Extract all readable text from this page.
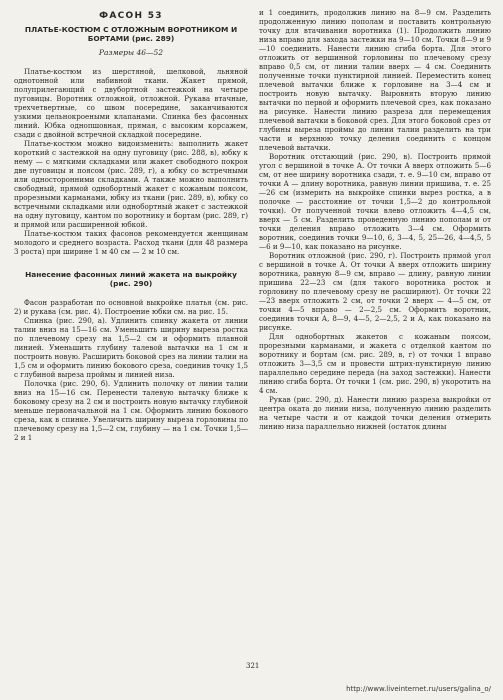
ФАСОН 53
ПЛАТЬЕ-КОСТЮМ С ОТЛОЖНЫМ ВОРОТНИКОМ И БОРТАМИ (рис. 289)
Размеры 46—52

Платье-костюм из шерстяной, шелковой, льняной однотонной или набивной ткани. Жакет прямой, полуприлегающий с двубортной застежкой на четыре пуговицы. Воротник отложной, отложной. Рукава втачные, трехчетвертные, со швом посередине, заканчиваются узкими цельнокроеными клапанами. Спинка без фасонных линий. Юбка однопшовная, прямая, с высоким корсажем, сзади с двойной встречной складкой посередине.

Платье-костюм можно видоизменить: выполнить жакет короткий с застежкой на одну пуговицу (рис. 288, в), юбку к нему — с мягкими складками или жакет свободного покроя две пуговицы и поясом (рис. 289, г), а юбку со встречными или односторонними складками. А также можно выполнить свободный, прямой однобортный жакет с кожаным поясом, прорезными карманами, юбку из ткани (рис. 289, в), юбку со встречными складками или однобортный жакет с застежкой на одну пуговицу, кантом по воротнику и бортам (рис. 289, г) и прямой или расширенной юбкой.

Платье-костюм таких фасонов рекомендуется женщинам молодого и среднего возраста. Расход ткани (для 48 размера 3 роста) при ширине 1 м 40 см — 2 м 10 см.

Нанесение фасонных линий жакета на выкройку (рис. 290)

Фасон разработан по основной выкройке платья (см. рис. 2) и рукава (см. рис. 4). Построение юбки см. на рис. 15.

Спинка (рис. 290, а). Удлинить спинку жакета от линии талии вниз на 15—16 см. Уменьшить ширину выреза ростка по плечевому срезу на 1,5—2 см и оформить плавной линией. Уменьшить глубину талевой вытачки на 1 см и построить новую. Расширить боковой срез на линии талии на 1,5 см и оформить линию бокового среза, соединив точку 1,5 с глубиной выреза проймы и линией низа.

Полочка (рис. 290, б). Удлинить полочку от линии талии вниз на 15—16 см. Перенести талевую вытачку ближе к боковому срезу на 2 см и построить новую вытачку глубиной меньше первоначальной на 1 см. Оформить линию бокового среза, как в спинке. Увеличить ширину выреза горловины по плечевому срезу на 1,5—2 см, глубину — на 1 см. Точки 1,5—2 и 1

и 1 соединить, продолжив линию на 8—9 см. Разделить продолженную линию пополам и поставить контрольную точку для втачивания воротника (1). Продолжить линию низа вправо для захода застежки на 9—10 см. Точки 8—9 и 9—10 соединить. Нанести линию сгиба борта. Для этого отложить от вершинной горловины по плечевому срезу вправо 0,5 см, от линии талии вверх — 4 см. Соединить полученные точки пунктирной линией. Переместить конец плечевой вытачки ближе к горловине на 3—4 см и построить новую вытачку. Выровнять вторую линию вытачки по первой и оформить плечевой срез, как показано на рисунке. Нанести линию разреза для перемещения плечевой вытачки в боковой срез. Для этого боковой срез от глубины выреза проймы до линии талии разделить на три части и верхнюю точку деления соединить с концом плечевой вытачки.

Воротник отстающий (рис. 290, в). Построить прямой угол с вершиной в точке А. От точки А вверх отложить 5—6 см, от нее ширину воротника сзади, т. е. 9—10 см, вправо от точки А — длину воротника, равную линии пришива, т. е. 25—26 см (измерить на выкройке спинки вырез ростка, а в полочке — расстояние от точки 1,5—2 до контрольной точки). От полученной точки влево отложить 4—4,5 см, вверх — 5 см. Разделить проведенную линию пополам и от точки деления вправо отложить 3—4 см. Оформить воротник, соединив точки 9—10, 6, 3—4, 5, 25—26, 4—4,5, 5—6 и 9—10, как показано на рисунке.

Воротник отложной (рис. 290, г). Построить прямой угол с вершиной в точке А. От точки А вверх отложить ширину воротника, равную 8—9 см, вправо — длину, равную линии пришива 22—23 см (для такого воротника росток и горловину по плечевому срезу не расширяют). От точки 22—23 вверх отложить 2 см, от точки 2 вверх — 4—5 см, от точки 4—5 вправо — 2—2,5 см. Оформить воротник, соединив точки А, 8—9, 4—5, 2—2,5, 2 и А, как показано на рисунке.

Для однобортных жакетов с кожаным поясом, прорезными карманами, и жакета с отделкой кантом по воротнику и бортам (см. рис. 289, в, г) от точки 1 вправо отложить 3—3,5 см и провести штрих-пунктирную линию параллельно середине переда (на заход застежки). Нанести линию сгиба борта. От точки 1 (см. рис. 290, в) укоротить на 4 см.

Рукав (рис. 290, д). Нанести линию разреза выкройки от центра оката до линии низа, полученную линию разделить на четыре части и от каждой точки деления отмерить линию низа параллельно нижней (остаток длины

321
http://www.liveinternet.ru/users/galina_o/
